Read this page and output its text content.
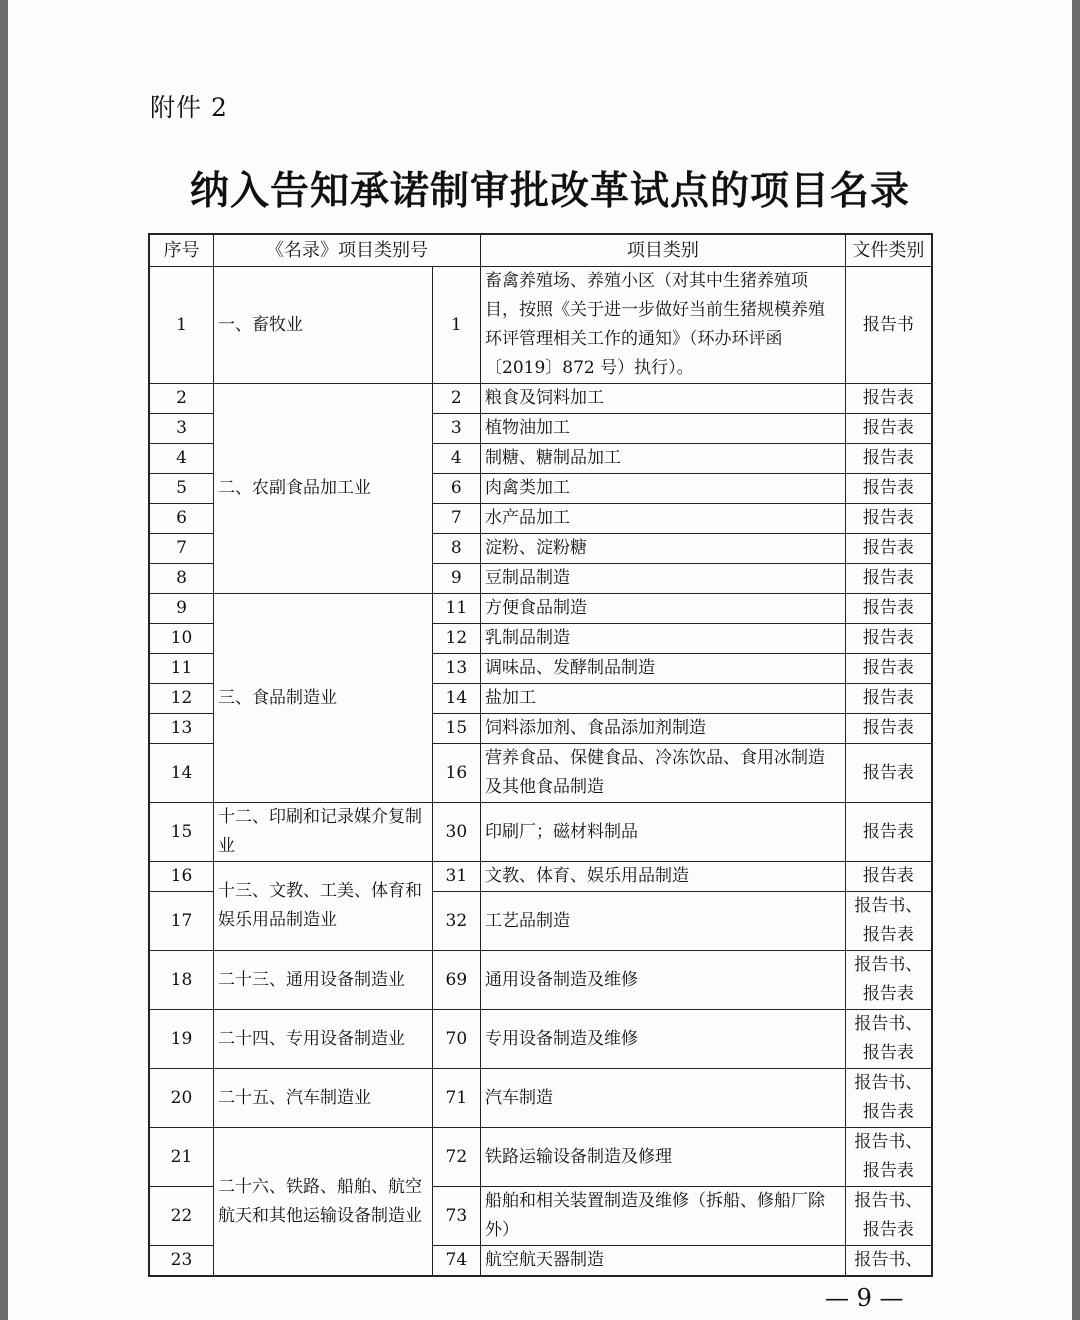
附件 2
纳入告知承诺制审批改革试点的项目名录
序号	《名录》项目类别号		项目类别	文件类别
1	一、畜牧业	1	畜禽养殖场、养殖小区（对其中生猪养殖项目，按照《关于进一步做好当前生猪规模养殖环评管理相关工作的通知》（环办环评函〔2019〕872 号）执行）。	报告书
2	二、农副食品加工业	2	粮食及饲料加工	报告表
3		3	植物油加工	报告表
4		4	制糖、糖制品加工	报告表
5		6	肉禽类加工	报告表
6		7	水产品加工	报告表
7		8	淀粉、淀粉糖	报告表
8		9	豆制品制造	报告表
9	三、食品制造业	11	方便食品制造	报告表
10		12	乳制品制造	报告表
11		13	调味品、发酵制品制造	报告表
12		14	盐加工	报告表
13		15	饲料添加剂、食品添加剂制造	报告表
14		16	营养食品、保健食品、冷冻饮品、食用冰制造及其他食品制造	报告表
15	十二、印刷和记录媒介复制业	30	印刷厂；磁材料制品	报告表
16	十三、文教、工美、体育和娱乐用品制造业	31	文教、体育、娱乐用品制造	报告表
17		32	工艺品制造	报告书、报告表
18	二十三、通用设备制造业	69	通用设备制造及维修	报告书、报告表
19	二十四、专用设备制造业	70	专用设备制造及维修	报告书、报告表
20	二十五、汽车制造业	71	汽车制造	报告书、报告表
21	二十六、铁路、船舶、航空航天和其他运输设备制造业	72	铁路运输设备制造及修理	报告书、报告表
22		73	船舶和相关装置制造及维修（拆船、修船厂除外）	报告书、报告表
23		74	航空航天器制造	报告书、
— 9 —
